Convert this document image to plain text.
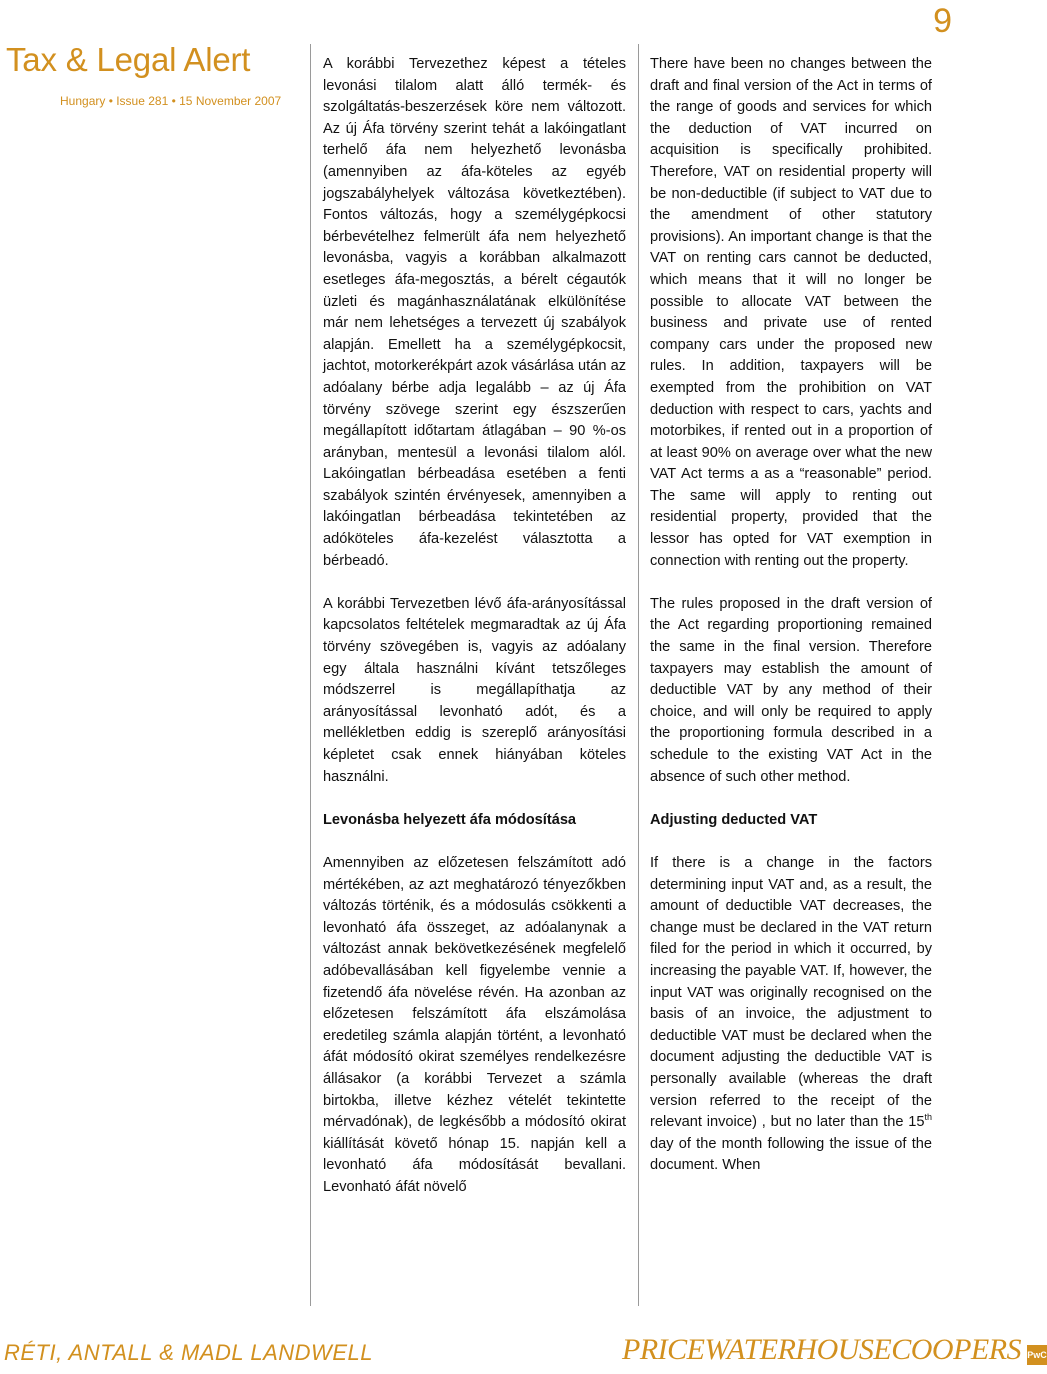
9
Tax & Legal Alert
Hungary • Issue 281 • 15 November 2007

A korábbi Tervezethez képest a tételes levonási tilalom alatt álló termék- és szolgáltatás-beszerzések köre nem változott. Az új Áfa törvény szerint tehát a lakóingatlant terhelő áfa nem helyezhető levonásba (amennyiben az áfa-köteles az egyéb jogszabályhelyek változása következtében). Fontos változás, hogy a személygépkocsi bérbevételhez felmerült áfa nem helyezhető levonásba, vagyis a korábban alkalmazott esetleges áfa-megosztás, a bérelt cégautók üzleti és magánhasználatának elkülönítése már nem lehetséges a tervezett új szabályok alapján. Emellett ha a személygépkocsit, jachtot, motorkerékpárt azok vásárlása után az adóalany bérbe adja legalább – az új Áfa törvény szövege szerint egy észszerűen megállapított időtartam átlagában – 90 %-os arányban, mentesül a levonási tilalom alól. Lakóingatlan bérbeadása esetében a fenti szabályok szintén érvényesek, amennyiben a lakóingatlan bérbeadása tekintetében az adóköteles áfa-kezelést választotta a bérbeadó.

A korábbi Tervezetben lévő áfa-arányosítással kapcsolatos feltételek megmaradtak az új Áfa törvény szövegében is, vagyis az adóalany egy általa használni kívánt tetszőleges módszerrel is megállapíthatja az arányosítással levonható adót, és a mellékletben eddig is szereplő arányosítási képletet csak ennek hiányában köteles használni.

Levonásba helyezett áfa módosítása

Amennyiben az előzetesen felszámított adó mértékében, az azt meghatározó tényezőkben változás történik, és a módosulás csökkenti a levonható áfa összeget, az adóalanynak a változást annak bekövetkezésének megfelelő adóbevallásában kell figyelembe vennie a fizetendő áfa növelése révén. Ha azonban az előzetesen felszámított áfa elszámolása eredetileg számla alapján történt, a levonható áfát módosító okirat személyes rendelkezésre állásakor (a korábbi Tervezet a számla birtokba, illetve kézhez vételét tekintette mérvadónak), de legkésőbb a módosító okirat kiállítását követő hónap 15. napján kell a levonható áfa módosítását bevallani. Levonható áfát növelő

There have been no changes between the draft and final version of the Act in terms of the range of goods and services for which the deduction of VAT incurred on acquisition is specifically prohibited. Therefore, VAT on residential property will be non-deductible (if subject to VAT due to the amendment of other statutory provisions). An important change is that the VAT on renting cars cannot be deducted, which means that it will no longer be possible to allocate VAT between the business and private use of rented company cars under the proposed new rules. In addition, taxpayers will be exempted from the prohibition on VAT deduction with respect to cars, yachts and motorbikes, if rented out in a proportion of at least 90% on average over what the new VAT Act terms a as a “reasonable” period. The same will apply to renting out residential property, provided that the lessor has opted for VAT exemption in connection with renting out the property.

The rules proposed in the draft version of the Act regarding proportioning remained the same in the final version. Therefore taxpayers may establish the amount of deductible VAT by any method of their choice, and will only be required to apply the proportioning formula described in a schedule to the existing VAT Act in the absence of such other method.

Adjusting deducted VAT

If there is a change in the factors determining input VAT and, as a result, the amount of deductible VAT decreases, the change must be declared in the VAT return filed for the period in which it occurred, by increasing the payable VAT. If, however, the input VAT was originally recognised on the basis of an invoice, the adjustment to deductible VAT must be declared when the document adjusting the deductible VAT is personally available (whereas the draft version referred to the receipt of the relevant invoice) , but no later than the 15th day of the month following the issue of the document. When

RÉTI, ANTALL & MADL LANDWELL	PRICEWATERHOUSECOOPERS PwC
